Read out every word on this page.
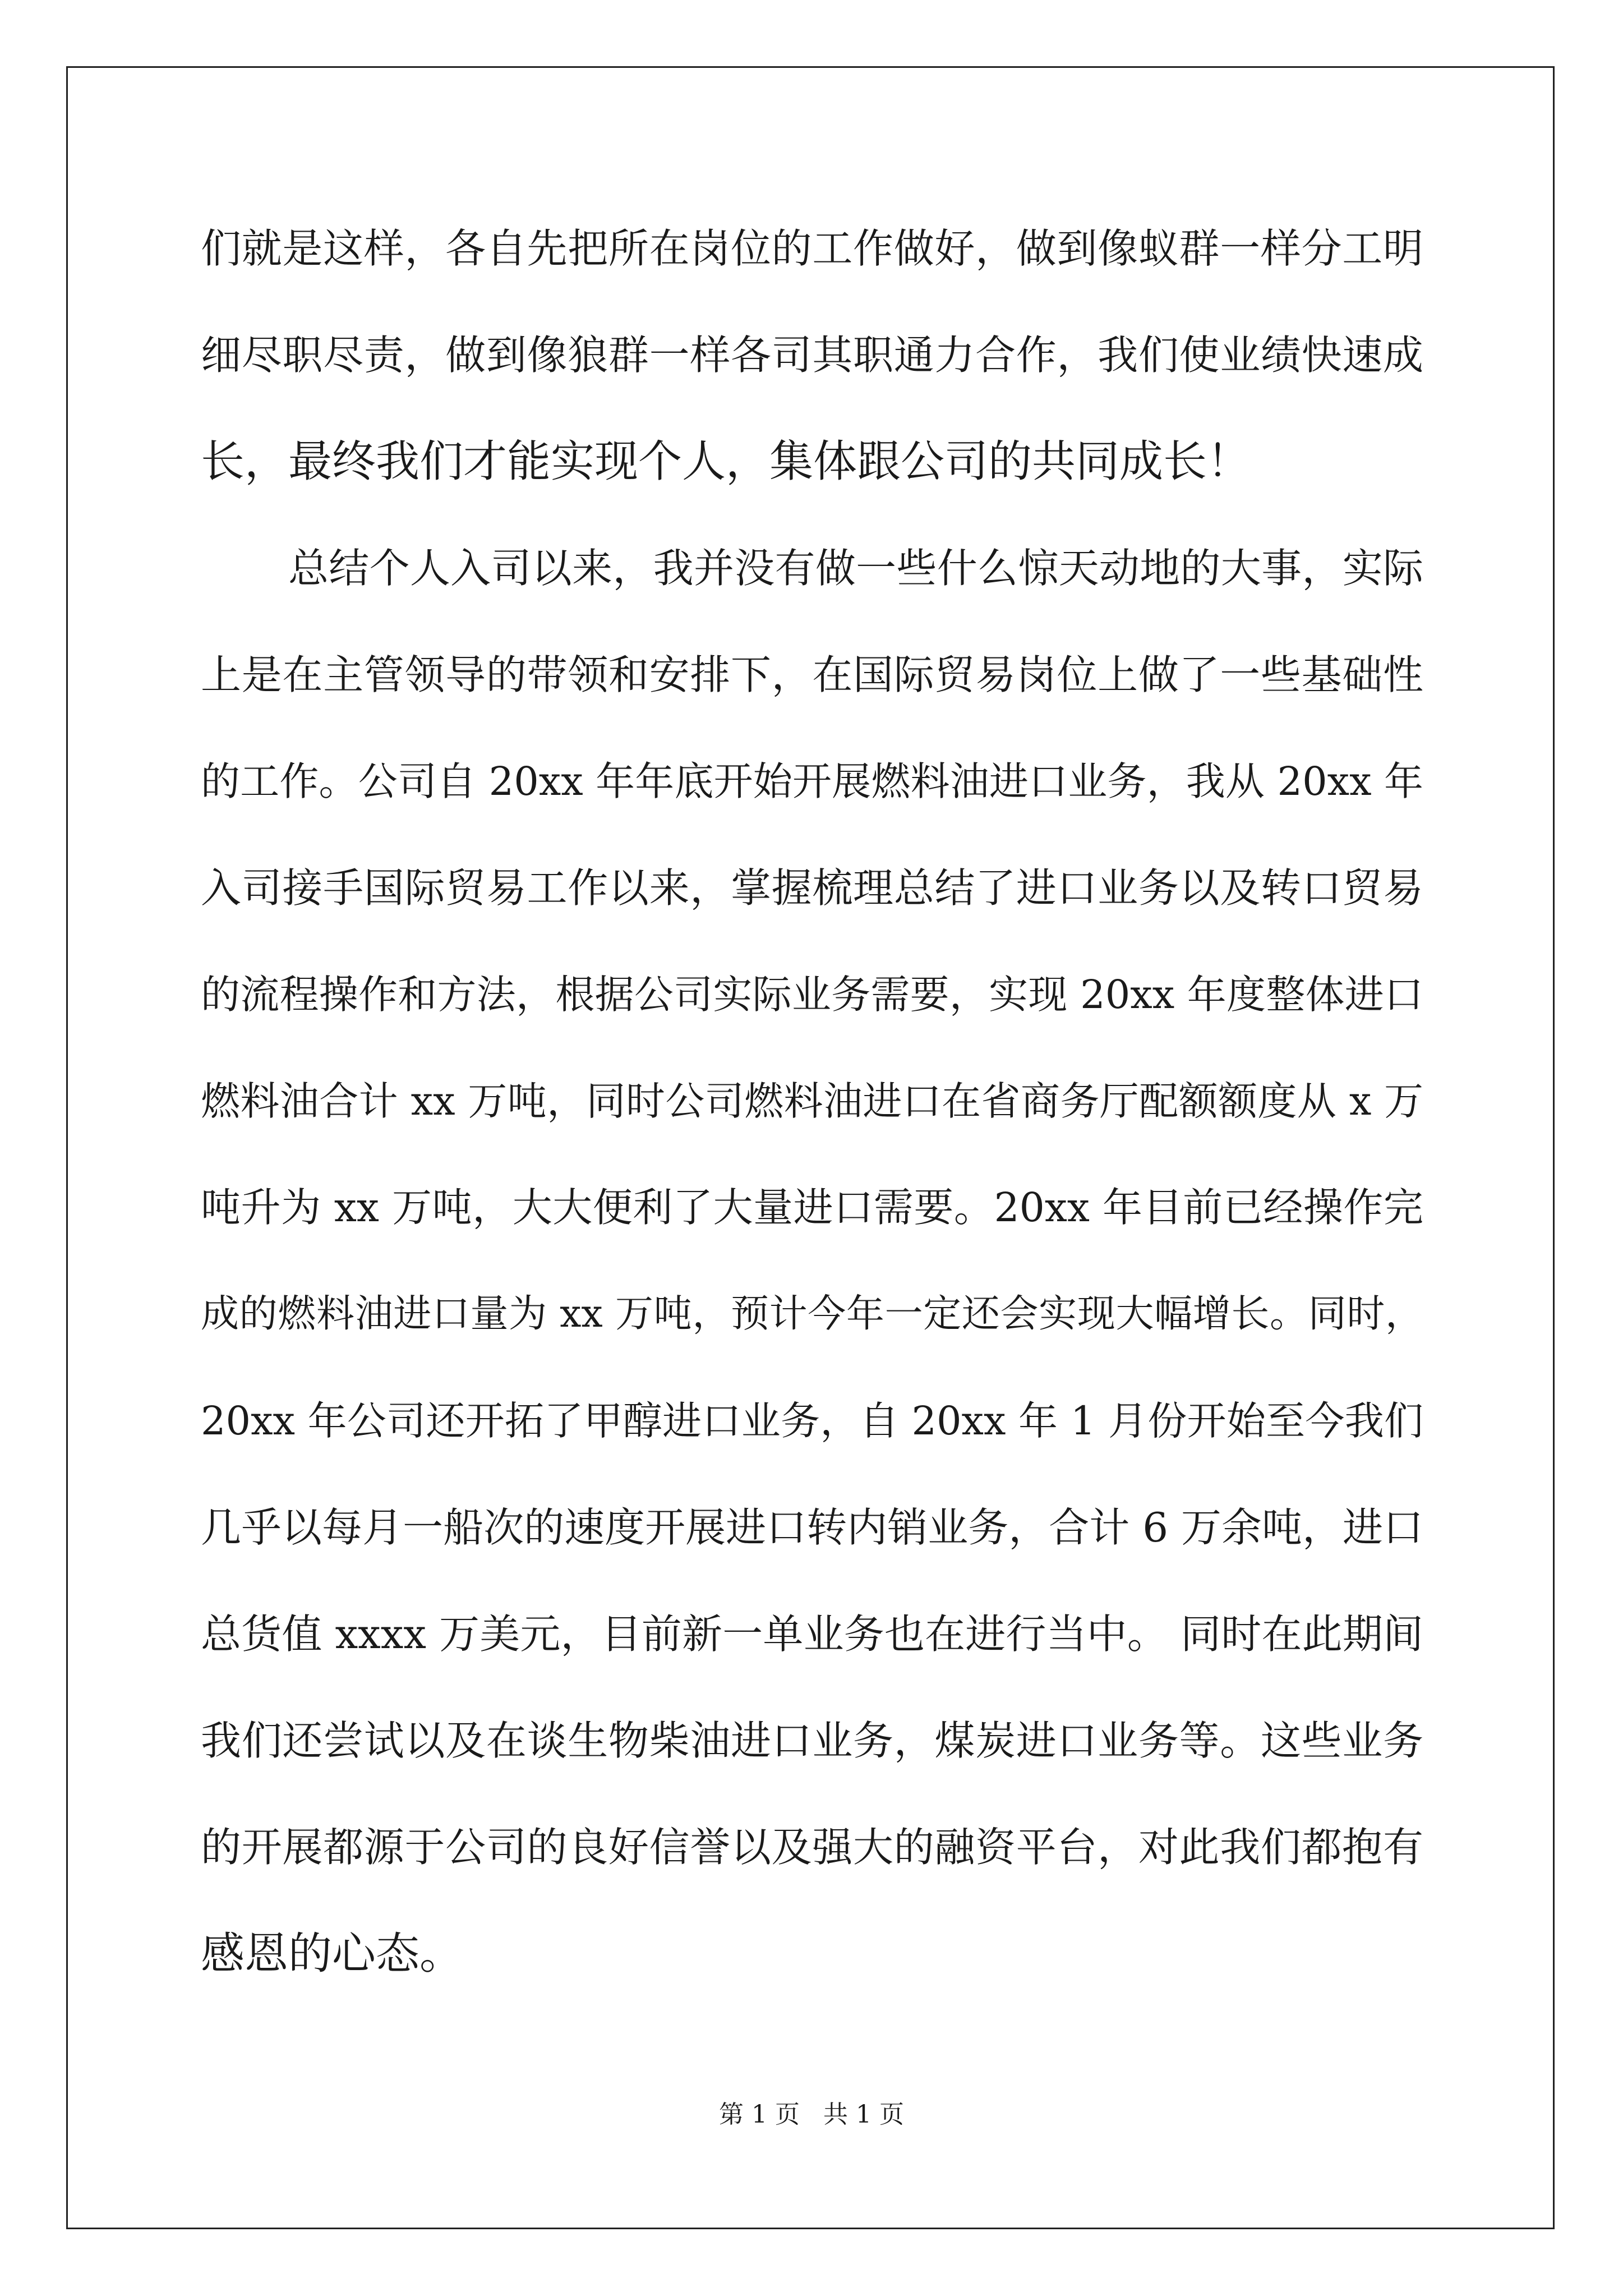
们就是这样，各自先把所在岗位的工作做好，做到像蚁群一样分工明
细尽职尽责，做到像狼群一样各司其职通力合作，我们使业绩快速成
长，最终我们才能实现个人，集体跟公司的共同成长！
总结个人入司以来，我并没有做一些什么惊天动地的大事，实际
上是在主管领导的带领和安排下，在国际贸易岗位上做了一些基础性
的工作。公司自 20xx 年年底开始开展燃料油进口业务，我从 20xx 年
入司接手国际贸易工作以来，掌握梳理总结了进口业务以及转口贸易
的流程操作和方法，根据公司实际业务需要，实现 20xx 年度整体进口
燃料油合计 xx 万吨，同时公司燃料油进口在省商务厅配额额度从 x 万
吨升为 xx 万吨，大大便利了大量进口需要。20xx 年目前已经操作完
成的燃料油进口量为 xx 万吨，预计今年一定还会实现大幅增长。同时，
20xx 年公司还开拓了甲醇进口业务，自 20xx 年 1 月份开始至今我们
几乎以每月一船次的速度开展进口转内销业务，合计 6 万余吨，进口
总货值 xxxx 万美元，目前新一单业务也在进行当中。 同时在此期间
我们还尝试以及在谈生物柴油进口业务，煤炭进口业务等。这些业务
的开展都源于公司的良好信誉以及强大的融资平台，对此我们都抱有
感恩的心态。
第 1 页   共 1 页
